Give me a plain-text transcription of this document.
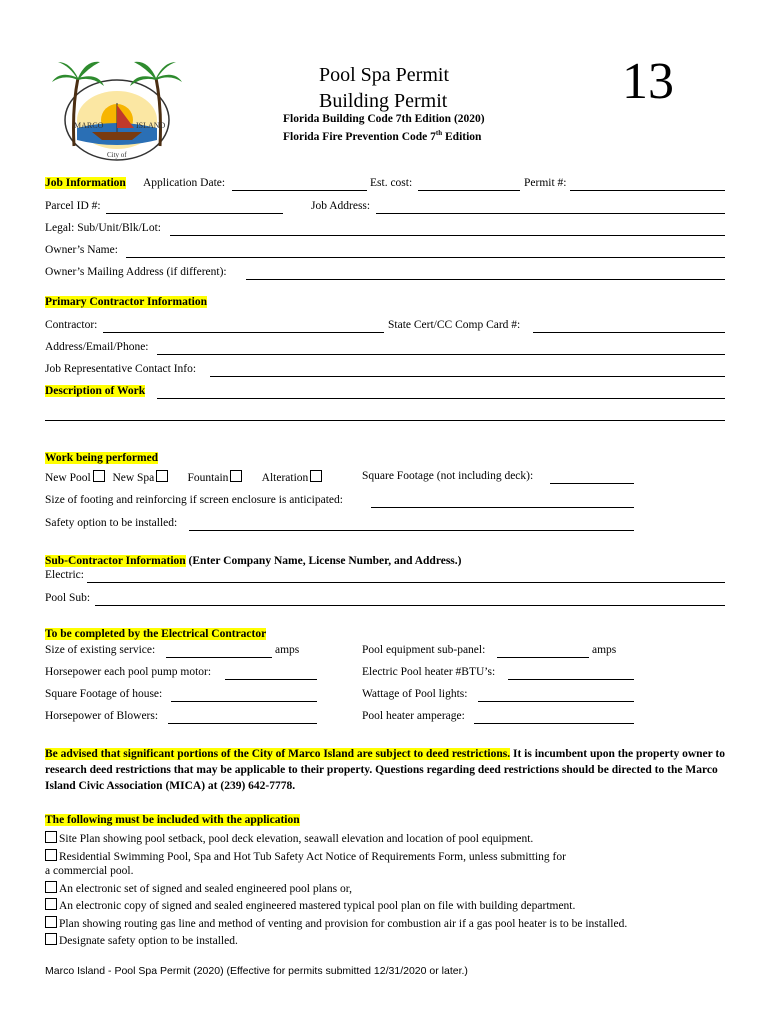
MARCO	ISLAND
City of
Pool Spa Permit
Building Permit	13
Florida Building Code 7th Edition (2020)
Florida Fire Prevention Code 7th Edition
Job Information Application Date:	Est. cost:	Permit #:
Parcel ID #:	Job Address:
Legal: Sub/Unit/Blk/Lot:
Owner’s Name:
Owner’s Mailing Address (if different):
Primary Contractor Information
Contractor:	State Cert/CC Comp Card #:
Address/Email/Phone:
Job Representative Contact Info:
Description of Work
Work being performed
New Pool New Spa	Fountain	Alteration	Square Footage (not including deck):
Size of footing and reinforcing if screen enclosure is anticipated:
Safety option to be installed:
Sub-Contractor Information (Enter Company Name, License Number, and Address.)
Electric:
Pool Sub:
To be completed by the Electrical Contractor
Size of existing service:	amps	Pool equipment sub-panel:	amps
Horsepower each pool pump motor:	Electric Pool heater #BTU’s:
Square Footage of house:	Wattage of Pool lights:
Horsepower of Blowers:	Pool heater amperage:
Be advised that significant portions of the City of Marco Island are subject to deed restrictions. It is incumbent upon the property owner to research deed restrictions that may be applicable to their property. Questions regarding deed restrictions should be directed to the Marco Island Civic Association (MICA) at (239) 642-7778.
The following must be included with the application
Site Plan showing pool setback, pool deck elevation, seawall elevation and location of pool equipment.
Residential Swimming Pool, Spa and Hot Tub Safety Act Notice of Requirements Form, unless submitting for
a commercial pool.
An electronic set of signed and sealed engineered pool plans or,
An electronic copy of signed and sealed engineered mastered typical pool plan on file with building department.
Plan showing routing gas line and method of venting and provision for combustion air if a gas pool heater is to be installed.
Designate safety option to be installed.
Marco Island - Pool Spa Permit (2020) (Effective for permits submitted 12/31/2020 or later.)
